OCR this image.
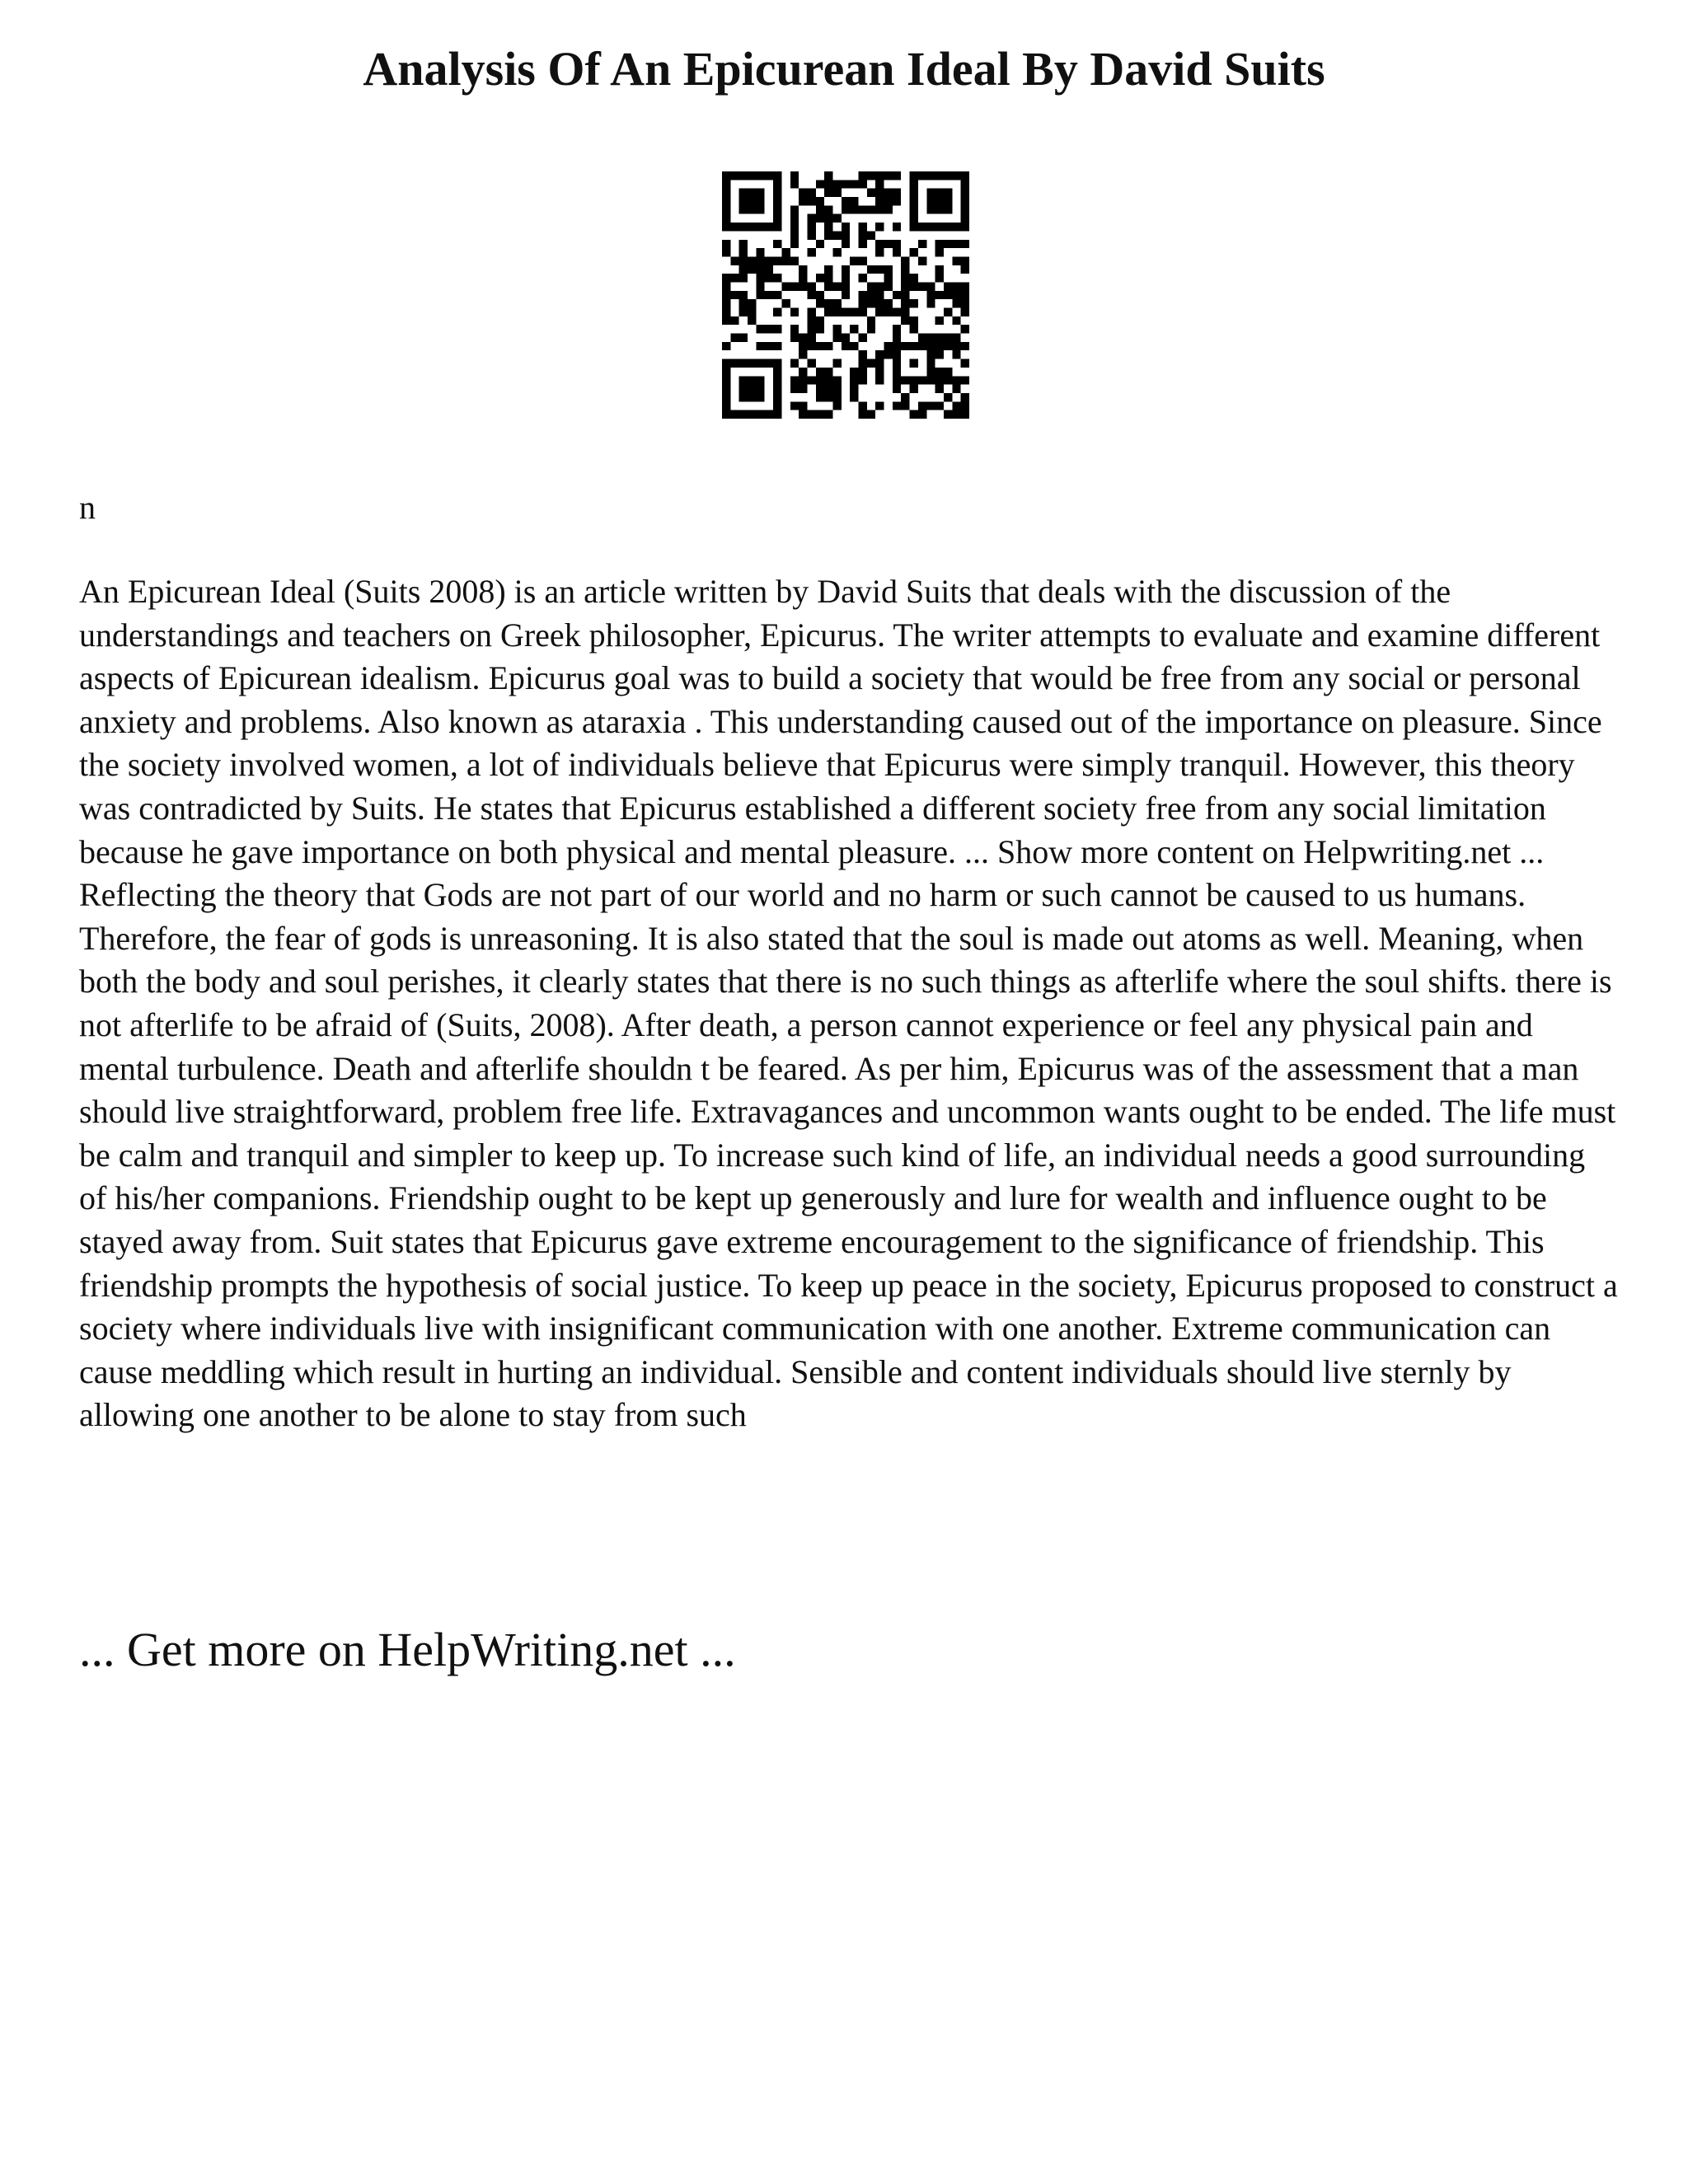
Analysis Of An Epicurean Ideal By David Suits

n

An Epicurean Ideal (Suits 2008) is an article written by David Suits that deals with the discussion of the understandings and teachers on Greek philosopher, Epicurus. The writer attempts to evaluate and examine different aspects of Epicurean idealism. Epicurus goal was to build a society that would be free from any social or personal anxiety and problems. Also known as ataraxia . This understanding caused out of the importance on pleasure. Since the society involved women, a lot of individuals believe that Epicurus were simply tranquil. However, this theory was contradicted by Suits. He states that Epicurus established a different society free from any social limitation because he gave importance on both physical and mental pleasure. ... Show more content on Helpwriting.net ... Reflecting the theory that Gods are not part of our world and no harm or such cannot be caused to us humans. Therefore, the fear of gods is unreasoning. It is also stated that the soul is made out atoms as well. Meaning, when both the body and soul perishes, it clearly states that there is no such things as afterlife where the soul shifts. there is not afterlife to be afraid of (Suits, 2008). After death, a person cannot experience or feel any physical pain and mental turbulence. Death and afterlife shouldn t be feared. As per him, Epicurus was of the assessment that a man should live straightforward, problem free life. Extravagances and uncommon wants ought to be ended. The life must be calm and tranquil and simpler to keep up. To increase such kind of life, an individual needs a good surrounding of his/her companions. Friendship ought to be kept up generously and lure for wealth and influence ought to be stayed away from. Suit states that Epicurus gave extreme encouragement to the significance of friendship. This friendship prompts the hypothesis of social justice. To keep up peace in the society, Epicurus proposed to construct a society where individuals live with insignificant communication with one another. Extreme communication can cause meddling which result in hurting an individual. Sensible and content individuals should live sternly by allowing one another to be alone to stay from such

... Get more on HelpWriting.net ...
